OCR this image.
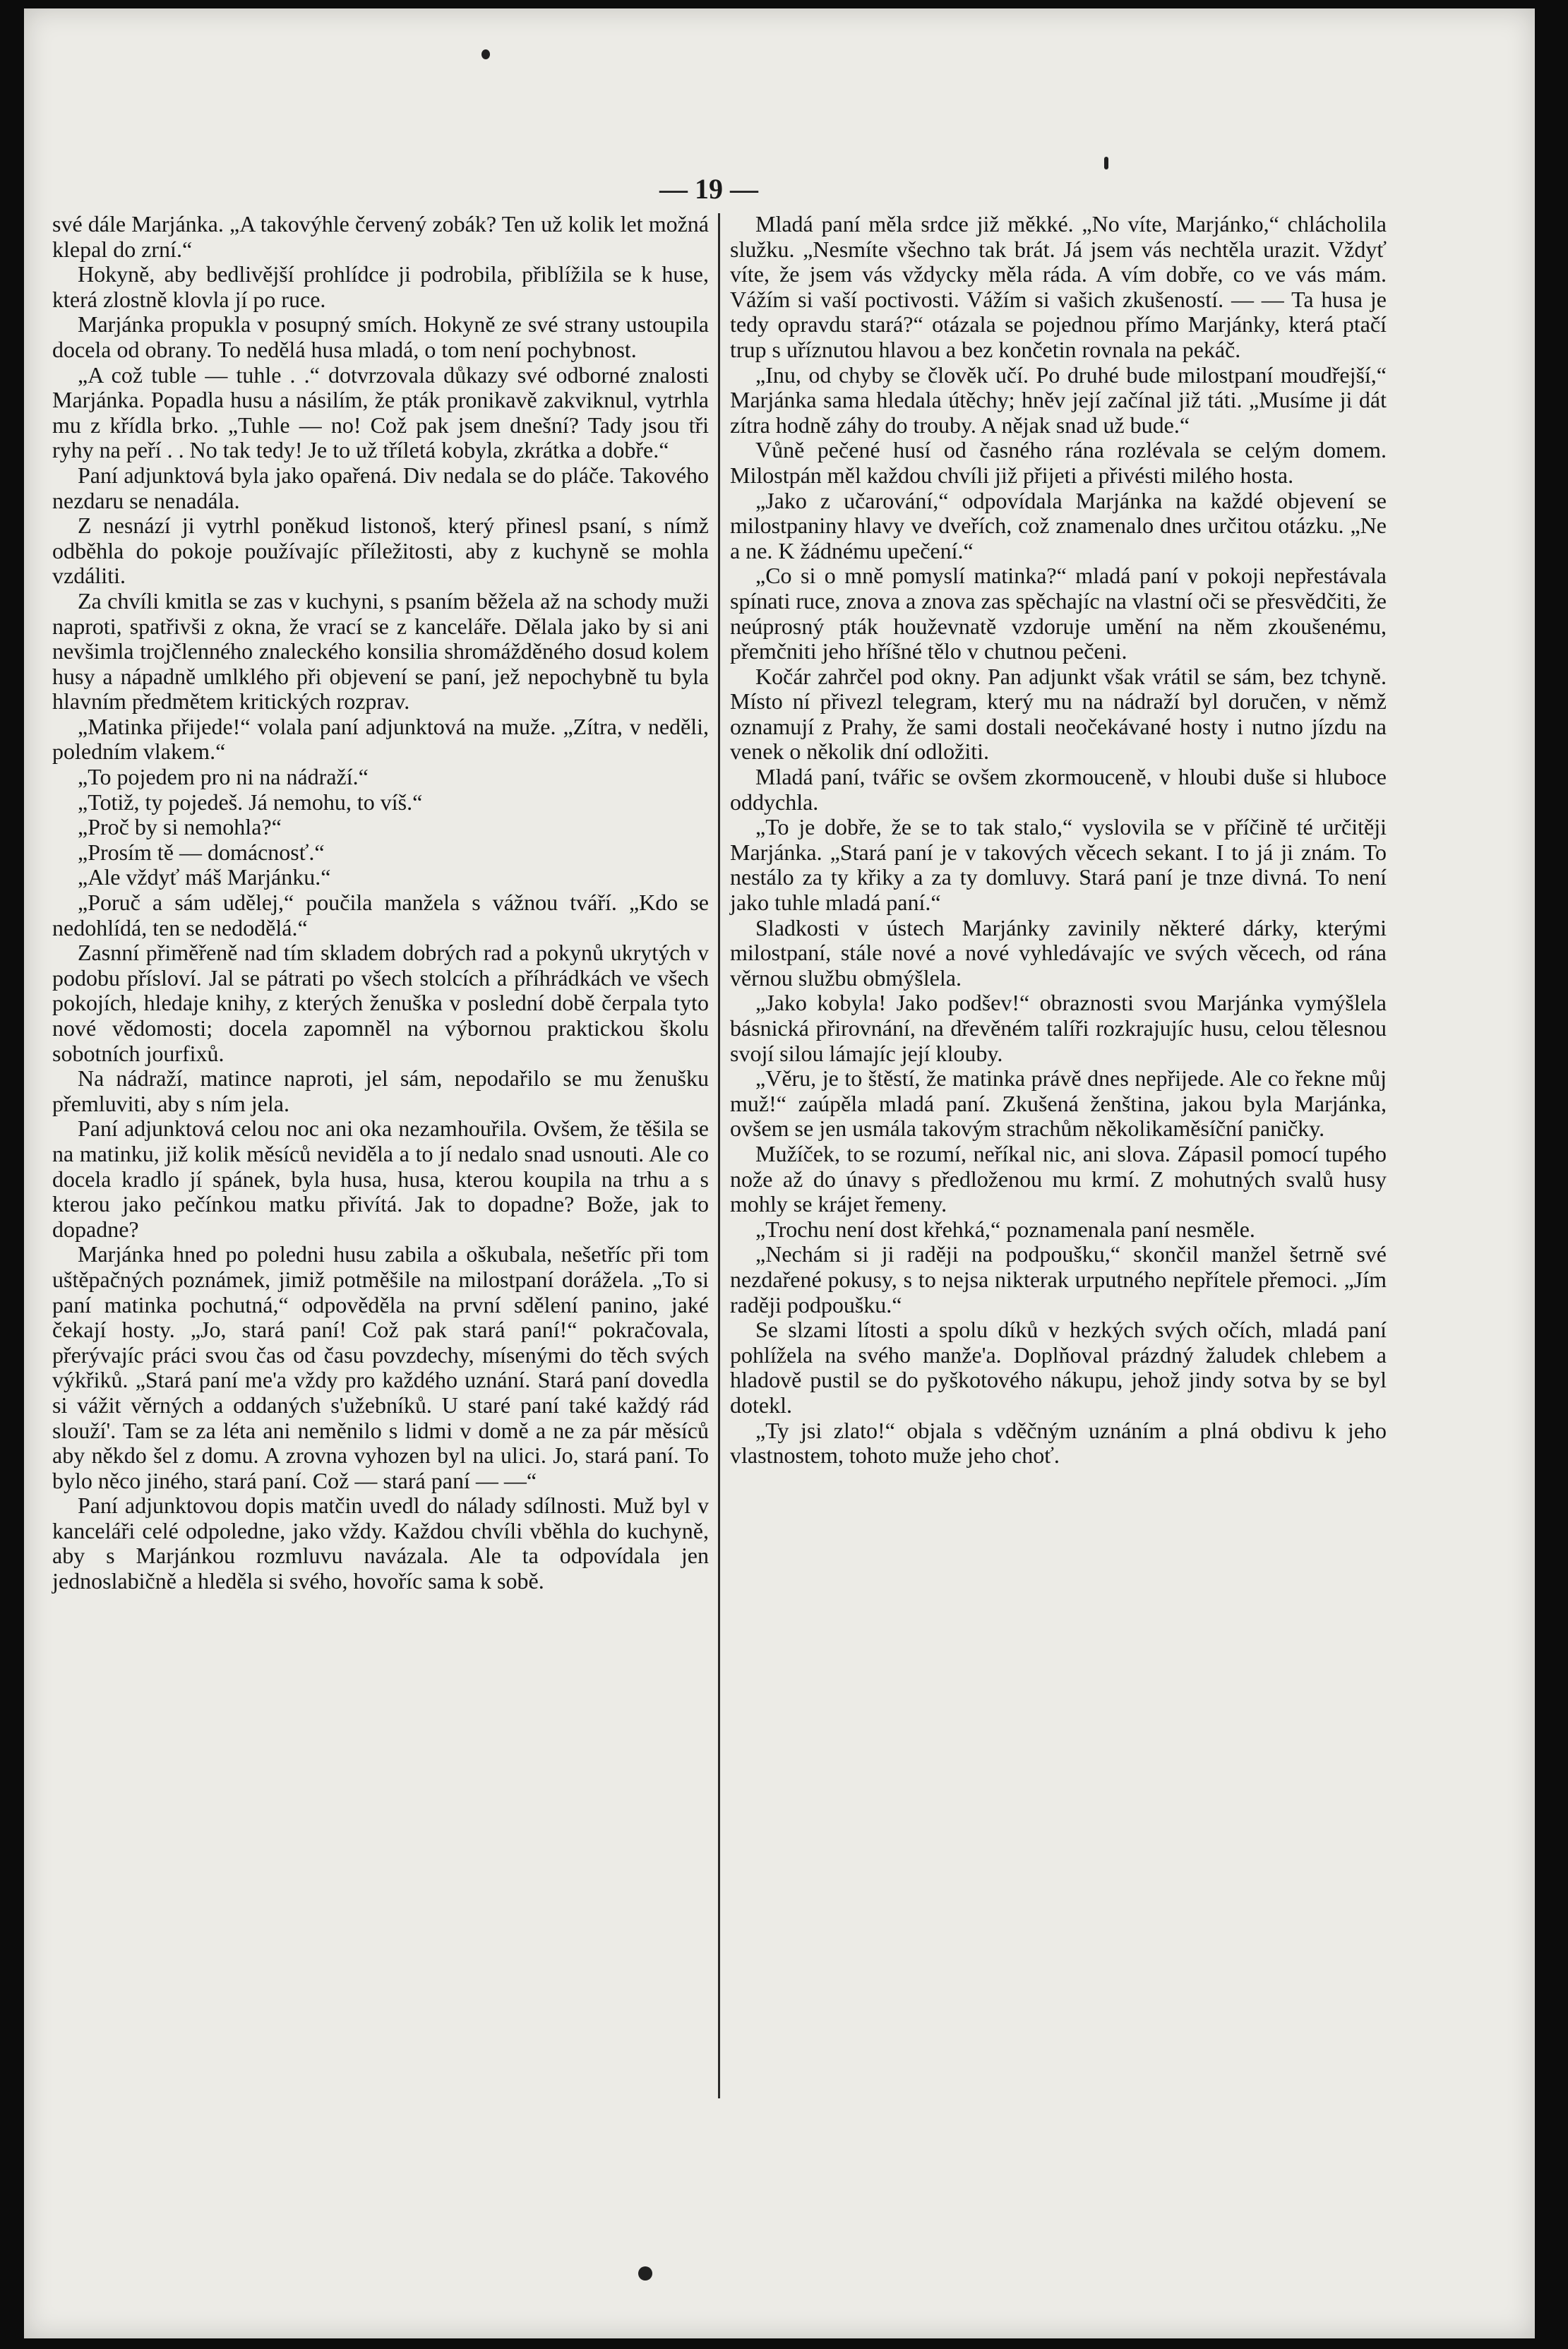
— 19 —

své dále Marjánka. „A takovýhle červený zobák? Ten už kolik let možná klepal do zrní.“

Hokyně, aby bedlivější prohlídce ji podrobila, přiblížila se k huse, která zlostně klovla jí po ruce.

Marjánka propukla v posupný smích. Hokyně ze své strany ustoupila docela od obrany. To nedělá husa mladá, o tom není pochybnost.

„A což tuble — tuhle . .“ dotvrzovala důkazy své odborné znalosti Marjánka. Popadla husu a násilím, že pták pronikavě zakviknul, vytrhla mu z křídla brko. „Tuhle — no! Což pak jsem dnešní? Tady jsou tři ryhy na peří . . No tak tedy! Je to už tříletá kobyla, zkrátka a dobře.“

Paní adjunktová byla jako opařená. Div nedala se do pláče. Takového nezdaru se nenadála.

Z nesnází ji vytrhl poněkud listonoš, který přinesl psaní, s nímž odběhla do pokoje používajíc příležitosti, aby z kuchyně se mohla vzdáliti.

Za chvíli kmitla se zas v kuchyni, s psaním běžela až na schody muži naproti, spatřivši z okna, že vrací se z kanceláře. Dělala jako by si ani nevšimla trojčlenného znaleckého konsilia shromážděného dosud kolem husy a nápadně umlklého při objevení se paní, jež nepochybně tu byla hlavním předmětem kritických rozprav.

„Matinka přijede!“ volala paní adjunktová na muže. „Zítra, v neděli, poledním vlakem.“

„To pojedem pro ni na nádraží.“

„Totiž, ty pojedeš. Já nemohu, to víš.“

„Proč by si nemohla?“

„Prosím tě — domácnosť.“

„Ale vždyť máš Marjánku.“

„Poruč a sám udělej,“ poučila manžela s vážnou tváří. „Kdo se nedohlídá, ten se nedodělá.“

Zasnní přiměřeně nad tím skladem dobrých rad a pokynů ukrytých v podobu přísloví. Jal se pátrati po všech stolcích a příhrádkách ve všech pokojích, hledaje knihy, z kterých ženuška v poslední době čerpala tyto nové vědomosti; docela zapomněl na výbornou praktickou školu sobotních jourfixů.

Na nádraží, matince naproti, jel sám, nepodařilo se mu ženušku přemluviti, aby s ním jela.

Paní adjunktová celou noc ani oka nezamhouřila. Ovšem, že těšila se na matinku, již kolik měsíců neviděla a to jí nedalo snad usnouti. Ale co docela kradlo jí spánek, byla husa, husa, kterou koupila na trhu a s kterou jako pečínkou matku přivítá. Jak to dopadne? Bože, jak to dopadne?

Marjánka hned po poledni husu zabila a oškubala, nešetříc při tom uštěpačných poznámek, jimiž potměšile na milostpaní dorážela. „To si paní matinka pochutná,“ odpověděla na první sdělení panino, jaké čekají hosty. „Jo, stará paní! Což pak stará paní!“ pokračovala, přerývajíc práci svou čas od času povzdechy, mísenými do těch svých výkřiků. „Stará paní me'a vždy pro každého uznání. Stará paní dovedla si vážit věrných a oddaných s'užebníků. U staré paní také každý rád slouží'. Tam se za léta ani neměnilo s lidmi v domě a ne za pár měsíců aby někdo šel z domu. A zrovna vyhozen byl na ulici. Jo, stará paní. To bylo něco jiného, stará paní. Což — stará paní — —“

Paní adjunktovou dopis matčin uvedl do nálady sdílnosti. Muž byl v kanceláři celé odpoledne, jako vždy. Každou chvíli vběhla do kuchyně, aby s Marjánkou rozmluvu navázala. Ale ta odpovídala jen jednoslabičně a hleděla si svého, hovoříc sama k sobě.

Mladá paní měla srdce již měkké. „No víte, Marjánko,“ chlácholila služku. „Nesmíte všechno tak brát. Já jsem vás nechtěla urazit. Vždyť víte, že jsem vás vždycky měla ráda. A vím dobře, co ve vás mám. Vážím si vaší poctivosti. Vážím si vašich zkušeností. — — Ta husa je tedy opravdu stará?“ otázala se pojednou přímo Marjánky, která ptačí trup s uříznutou hlavou a bez končetin rovnala na pekáč.

„Inu, od chyby se člověk učí. Po druhé bude milostpaní moudřejší,“ Marjánka sama hledala útěchy; hněv její začínal již táti. „Musíme ji dát zítra hodně záhy do trouby. A nějak snad už bude.“

Vůně pečené husí od časného rána rozlévala se celým domem. Milostpán měl každou chvíli již přijeti a přivésti milého hosta.

„Jako z učarování,“ odpovídala Marjánka na každé objevení se milostpaniny hlavy ve dveřích, což znamenalo dnes určitou otázku. „Ne a ne. K žádnému upečení.“

„Co si o mně pomyslí matinka?“ mladá paní v pokoji nepřestávala spínati ruce, znova a znova zas spěchajíc na vlastní oči se přesvědčiti, že neúprosný pták houževnatě vzdoruje umění na něm zkoušenému, přemčniti jeho hříšné tělo v chutnou pečeni.

Kočár zahrčel pod okny. Pan adjunkt však vrátil se sám, bez tchyně. Místo ní přivezl telegram, který mu na nádraží byl doručen, v němž oznamují z Prahy, že sami dostali neočekávané hosty i nutno jízdu na venek o několik dní odložiti.

Mladá paní, tvářic se ovšem zkormouceně, v hloubi duše si hluboce oddychla.

„To je dobře, že se to tak stalo,“ vyslovila se v příčině té určitěji Marjánka. „Stará paní je v takových věcech sekant. I to já ji znám. To nestálo za ty křiky a za ty domluvy. Stará paní je tnze divná. To není jako tuhle mladá paní.“

Sladkosti v ústech Marjánky zavinily některé dárky, kterými milostpaní, stále nové a nové vyhledávajíc ve svých věcech, od rána věrnou službu obmýšlela.

„Jako kobyla! Jako podšev!“ obraznosti svou Marjánka vymýšlela básnická přirovnání, na dřevěném talíři rozkrajujíc husu, celou tělesnou svojí silou lámajíc její klouby.

„Věru, je to štěstí, že matinka právě dnes nepřijede. Ale co řekne můj muž!“ zaúpěla mladá paní. Zkušená ženština, jakou byla Marjánka, ovšem se jen usmála takovým strachům několikaměsíční paničky.

Mužíček, to se rozumí, neříkal nic, ani slova. Zápasil pomocí tupého nože až do únavy s předloženou mu krmí. Z mohutných svalů husy mohly se krájet řemeny.

„Trochu není dost křehká,“ poznamenala paní nesměle.

„Nechám si ji raději na podpoušku,“ skončil manžel šetrně své nezdařené pokusy, s to nejsa nikterak urputného nepřítele přemoci. „Jím raději podpoušku.“

Se slzami lítosti a spolu díků v hezkých svých očích, mladá paní pohlížela na svého manže'a. Doplňoval prázdný žaludek chlebem a hladově pustil se do pyškotového nákupu, jehož jindy sotva by se byl dotekl.

„Ty jsi zlato!“ objala s vděčným uznáním a plná obdivu k jeho vlastnostem, tohoto muže jeho choť.
